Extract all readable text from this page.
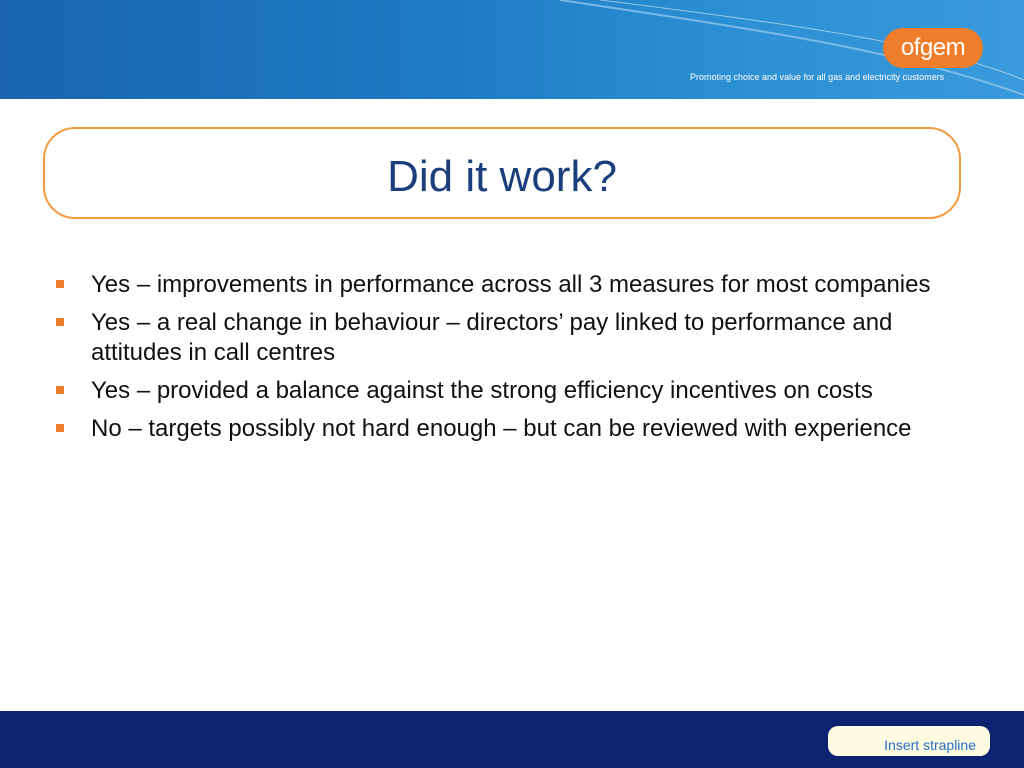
ofgem
Promoting choice and value for all gas and electricity customers
Did it work?
Yes – improvements in performance across all 3 measures for most companies
Yes – a real change in behaviour – directors’ pay linked to performance and attitudes in call centres
Yes – provided a balance against the strong efficiency incentives on costs
No – targets possibly not hard enough – but can be reviewed with experience
Insert strapline
